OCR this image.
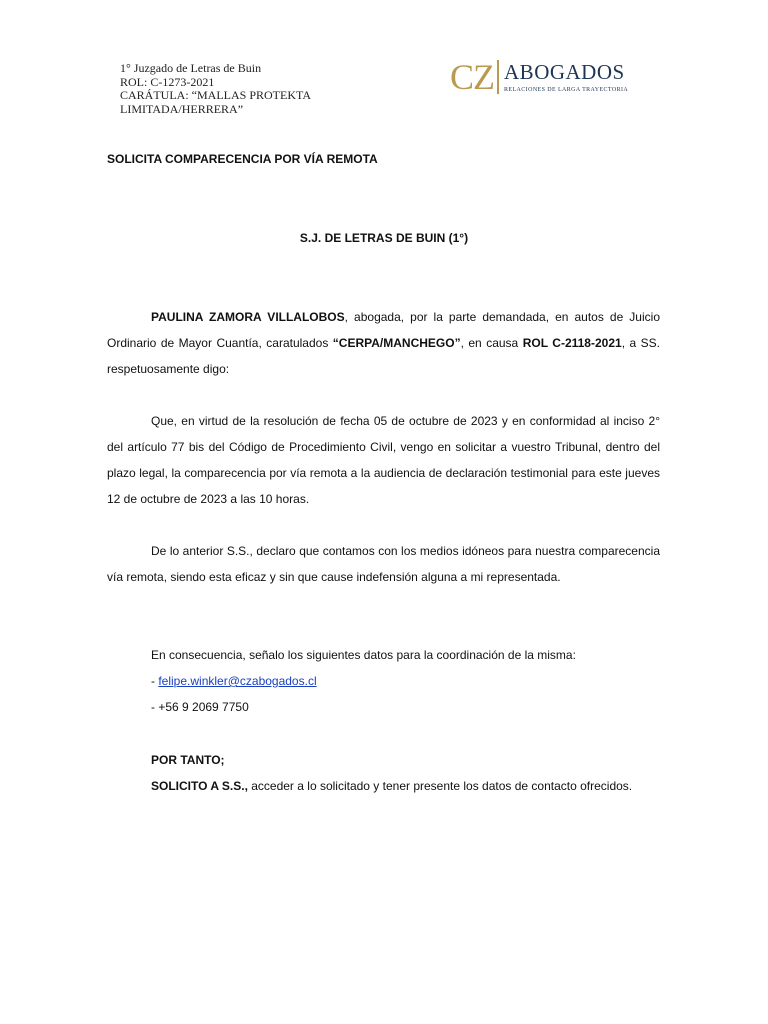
1° Juzgado de Letras de Buin
ROL: C-1273-2021
CARÁTULA: “MALLAS PROTEKTA
LIMITADA/HERRERA”
CZ ABOGADOS
RELACIONES DE LARGA TRAYECTORIA
SOLICITA COMPARECENCIA POR VÍA REMOTA
S.J. DE LETRAS DE BUIN (1°)

PAULINA ZAMORA VILLALOBOS, abogada, por la parte demandada, en autos de Juicio Ordinario de Mayor Cuantía, caratulados “CERPA/MANCHEGO”, en causa ROL C-2118-2021, a SS. respetuosamente digo:

Que, en virtud de la resolución de fecha 05 de octubre de 2023 y en conformidad al inciso 2° del artículo 77 bis del Código de Procedimiento Civil, vengo en solicitar a vuestro Tribunal, dentro del plazo legal, la comparecencia por vía remota a la audiencia de declaración testimonial para este jueves 12 de octubre de 2023 a las 10 horas.

De lo anterior S.S., declaro que contamos con los medios idóneos para nuestra comparecencia vía remota, siendo esta eficaz y sin que cause indefensión alguna a mi representada.

En consecuencia, señalo los siguientes datos para la coordinación de la misma:
- felipe.winkler@czabogados.cl
- +56 9 2069 7750
POR TANTO;
SOLICITO A S.S., acceder a lo solicitado y tener presente los datos de contacto ofrecidos.
